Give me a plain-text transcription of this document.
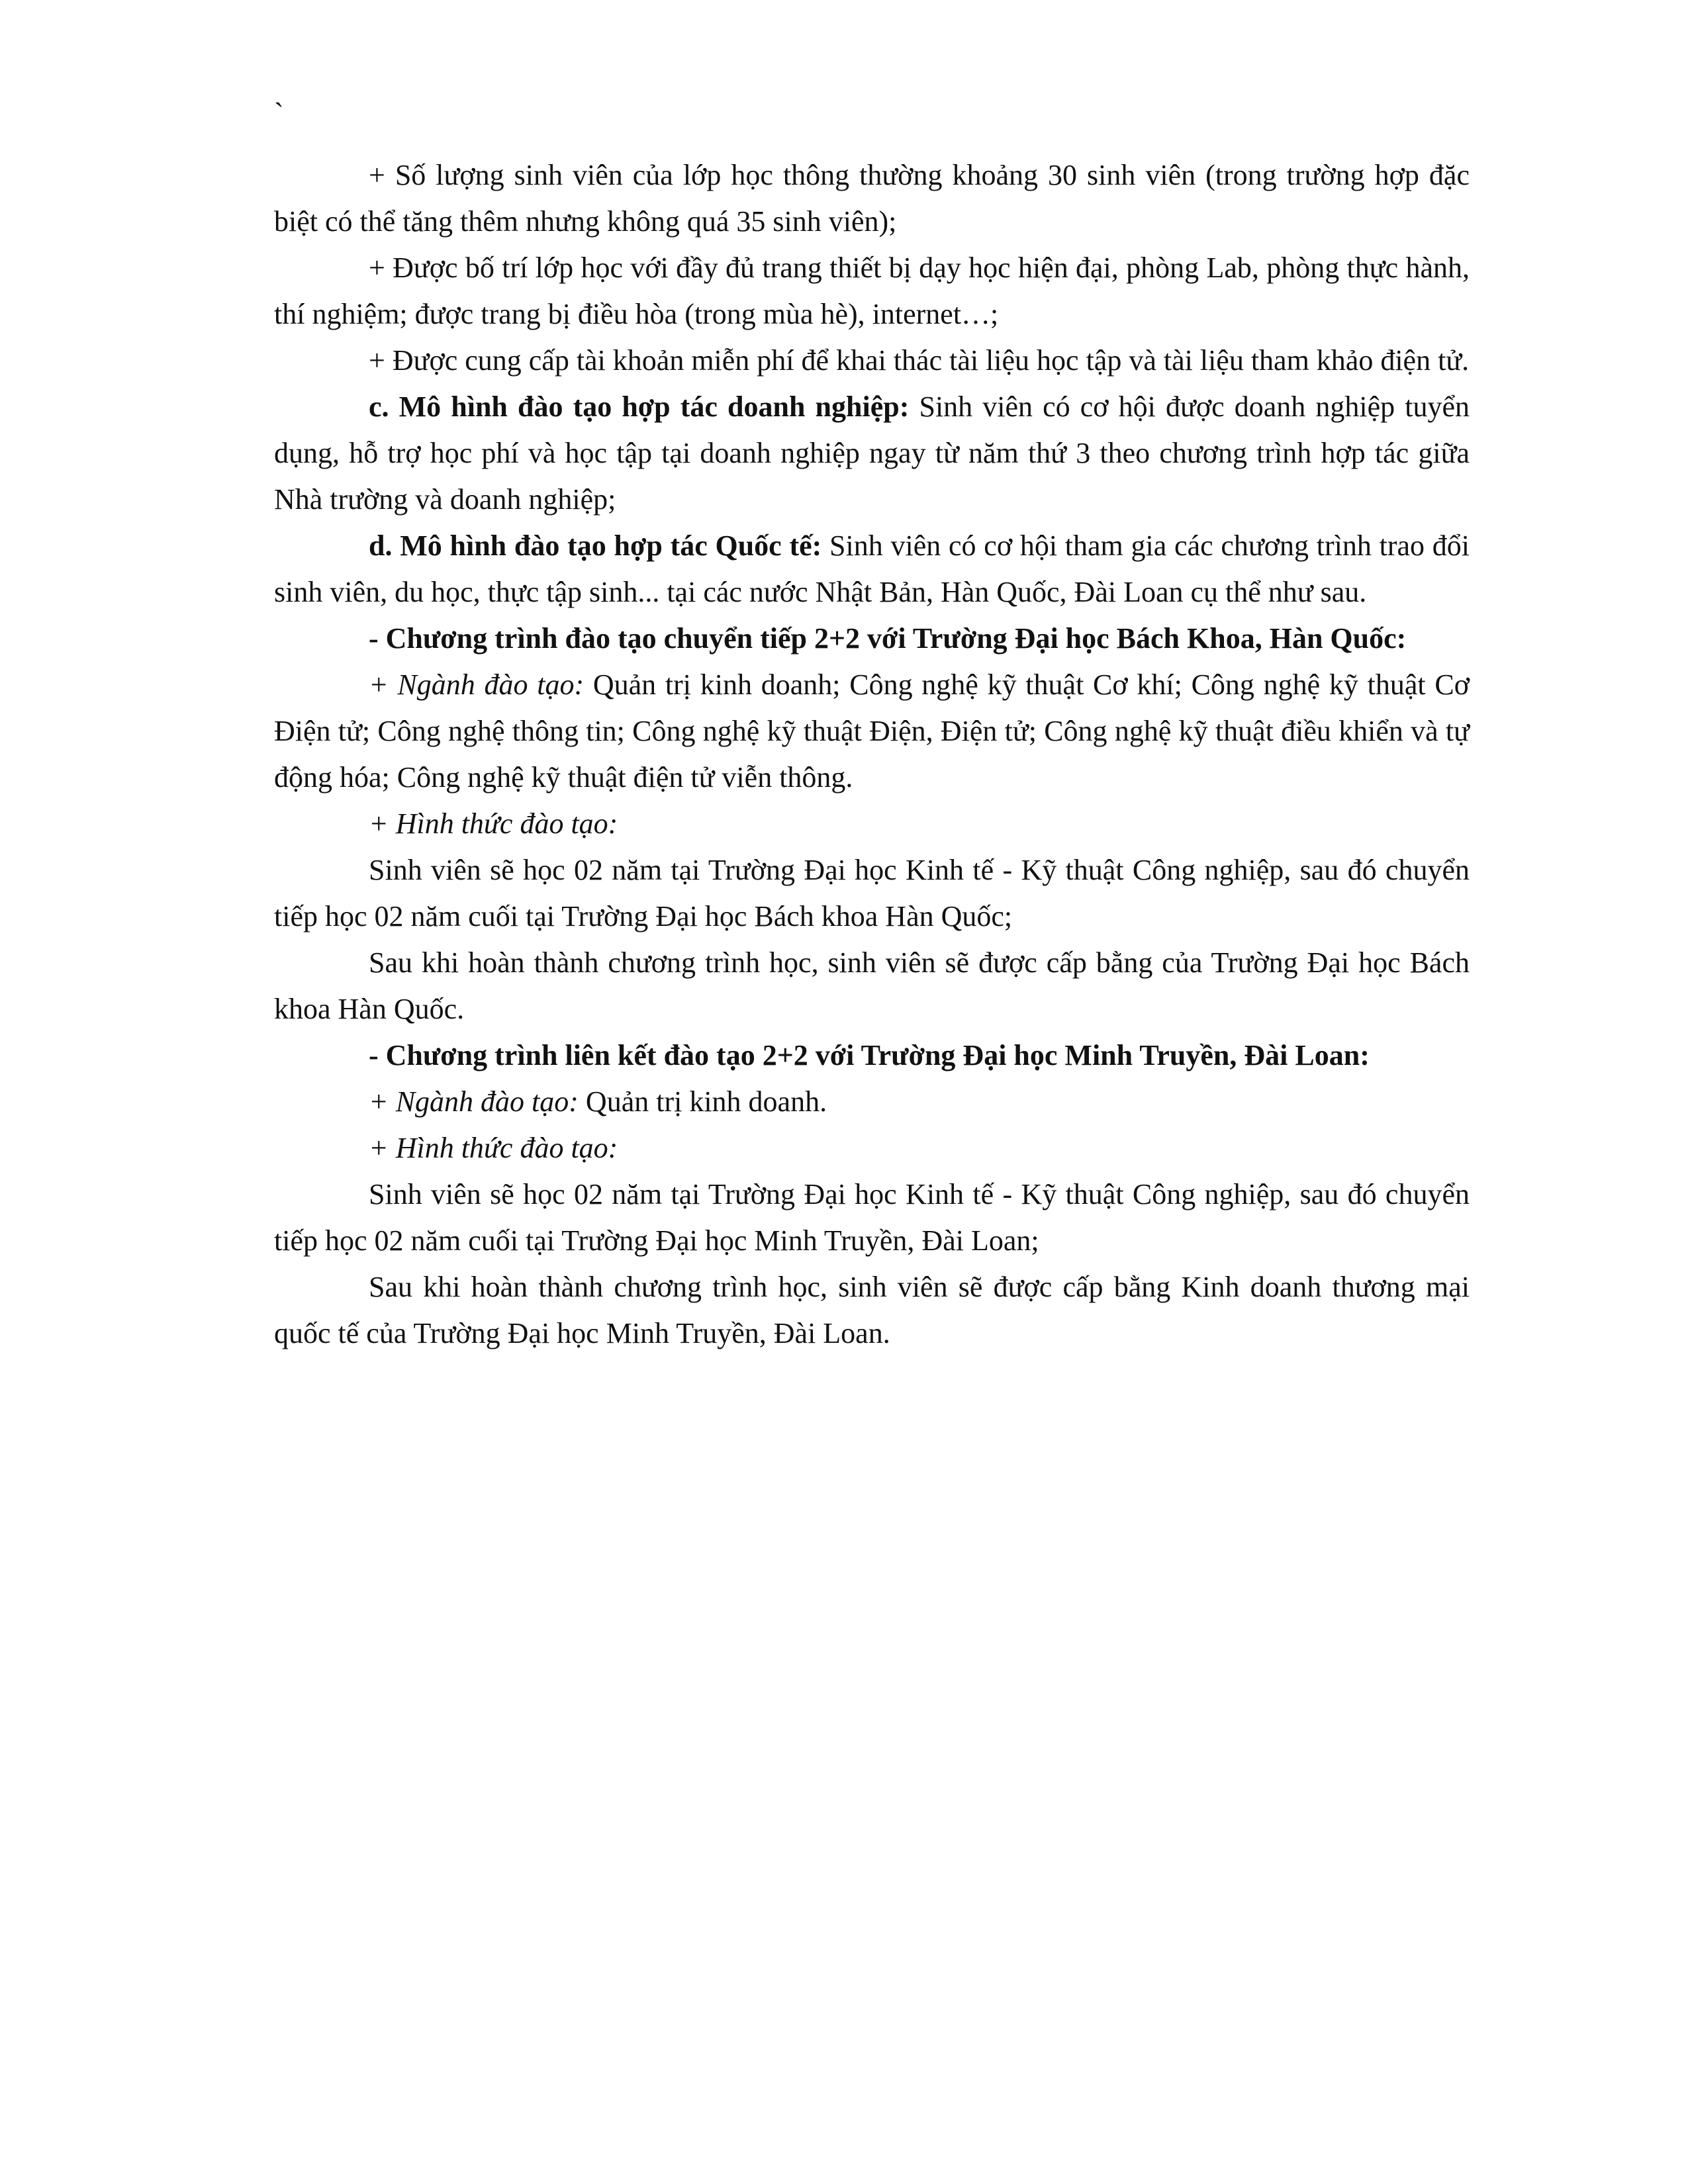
`

+ Số lượng sinh viên của lớp học thông thường khoảng 30 sinh viên (trong trường hợp đặc biệt có thể tăng thêm nhưng không quá 35 sinh viên);

+ Được bố trí lớp học với đầy đủ trang thiết bị dạy học hiện đại, phòng Lab, phòng thực hành, thí nghiệm; được trang bị điều hòa (trong mùa hè), internet…;

+ Được cung cấp tài khoản miễn phí để khai thác tài liệu học tập và tài liệu tham khảo điện tử.

c. Mô hình đào tạo hợp tác doanh nghiệp: Sinh viên có cơ hội được doanh nghiệp tuyển dụng, hỗ trợ học phí và học tập tại doanh nghiệp ngay từ năm thứ 3 theo chương trình hợp tác giữa Nhà trường và doanh nghiệp;

d. Mô hình đào tạo hợp tác Quốc tế: Sinh viên có cơ hội tham gia các chương trình trao đổi sinh viên, du học, thực tập sinh... tại các nước Nhật Bản, Hàn Quốc, Đài Loan cụ thể như sau.

- Chương trình đào tạo chuyển tiếp 2+2 với Trường Đại học Bách Khoa, Hàn Quốc:

+ Ngành đào tạo: Quản trị kinh doanh; Công nghệ kỹ thuật Cơ khí; Công nghệ kỹ thuật Cơ Điện tử; Công nghệ thông tin; Công nghệ kỹ thuật Điện, Điện tử; Công nghệ kỹ thuật điều khiển và tự động hóa; Công nghệ kỹ thuật điện tử viễn thông.

+ Hình thức đào tạo:

Sinh viên sẽ học 02 năm tại Trường Đại học Kinh tế - Kỹ thuật Công nghiệp, sau đó chuyển tiếp học 02 năm cuối tại Trường Đại học Bách khoa Hàn Quốc;

Sau khi hoàn thành chương trình học, sinh viên sẽ được cấp bằng của Trường Đại học Bách khoa Hàn Quốc.

- Chương trình liên kết đào tạo 2+2 với Trường Đại học Minh Truyền, Đài Loan:

+ Ngành đào tạo: Quản trị kinh doanh.

+ Hình thức đào tạo:

Sinh viên sẽ học 02 năm tại Trường Đại học Kinh tế - Kỹ thuật Công nghiệp, sau đó chuyển tiếp học 02 năm cuối tại Trường Đại học Minh Truyền, Đài Loan;

Sau khi hoàn thành chương trình học, sinh viên sẽ được cấp bằng Kinh doanh thương mại quốc tế của Trường Đại học Minh Truyền, Đài Loan.
